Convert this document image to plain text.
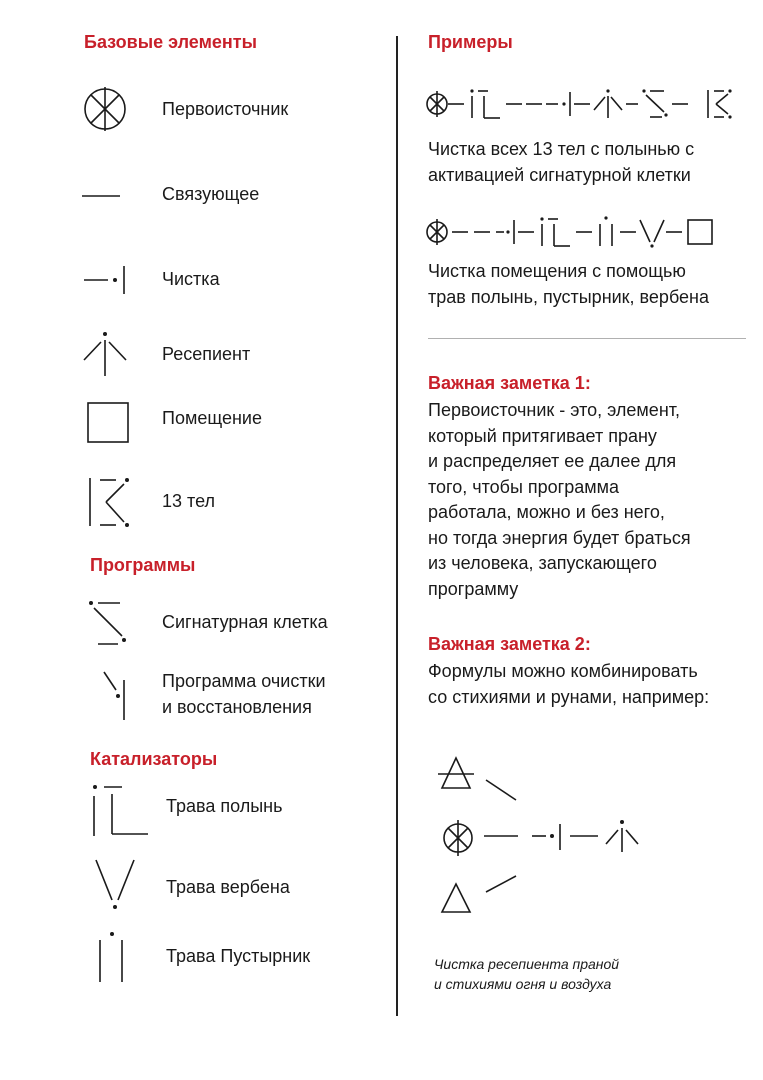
Базовые элементы
Первоисточник
Связующее
Чистка
Ресепиент
Помещение
13 тел
Программы
Сигнатурная клетка
Программа очистки
и восстановления
Катализаторы
Трава полынь
Трава вербена
Трава Пустырник
Примеры
Чистка всех 13 тел с полынью с
активацией сигнатурной клетки
Чистка помещения с помощью
трав полынь, пустырник, вербена
Важная заметка 1:
Первоисточник - это, элемент,
который притягивает прану
и распределяет ее далее для
того, чтобы программа
работала, можно и без него,
но тогда энергия будет браться
из человека, запускающего
программу
Важная заметка 2:
Формулы можно комбинировать
со стихиями и рунами, например:
Чистка ресепиента праной
и стихиями огня и воздуха
